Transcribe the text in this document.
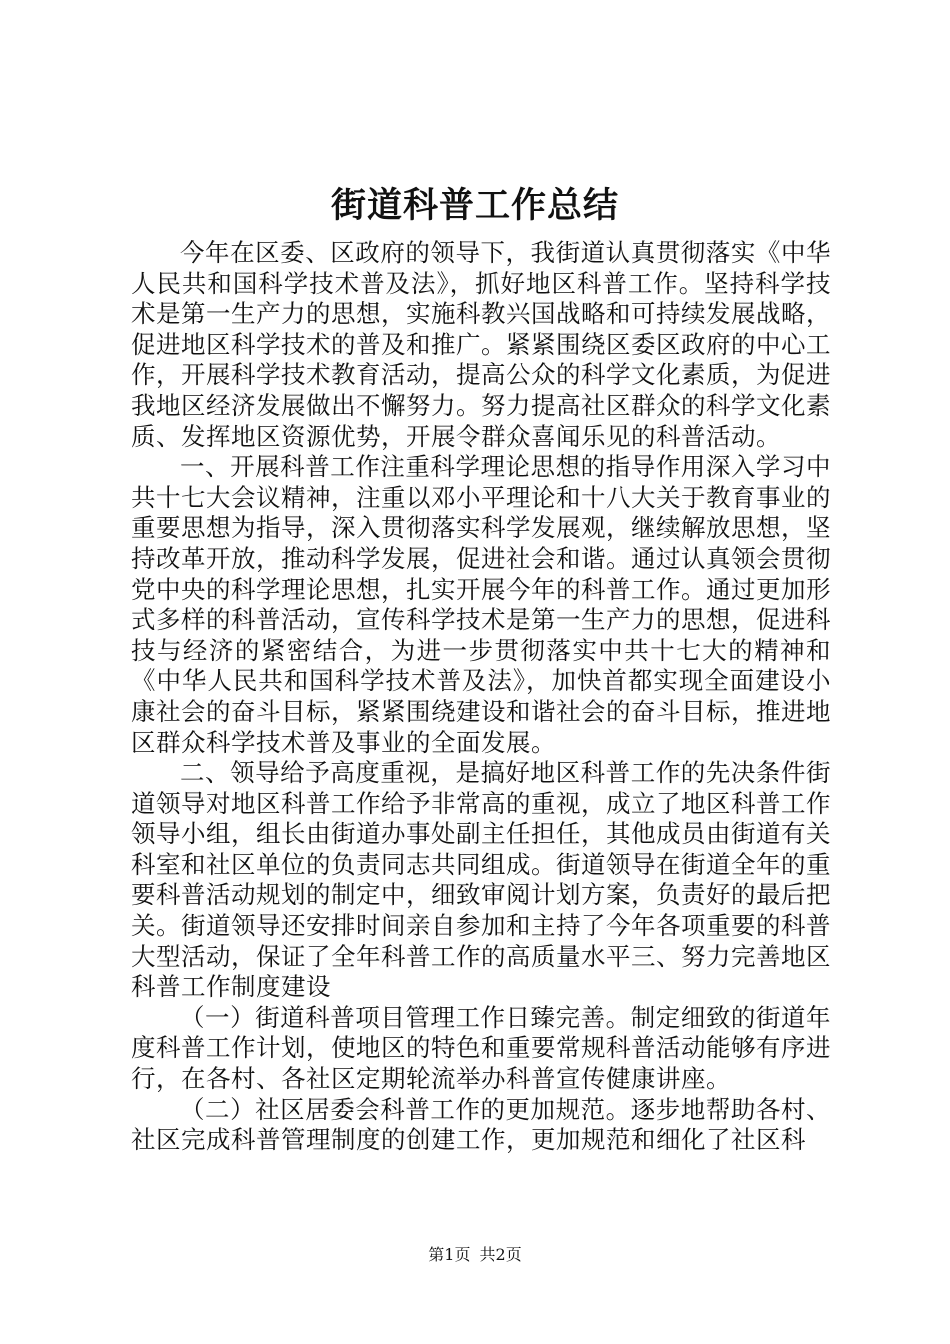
街道科普工作总结

今年在区委、区政府的领导下，我街道认真贯彻落实《中华人民共和国科学技术普及法》，抓好地区科普工作。坚持科学技术是第一生产力的思想，实施科教兴国战略和可持续发展战略，促进地区科学技术的普及和推广。紧紧围绕区委区政府的中心工作，开展科学技术教育活动，提高公众的科学文化素质，为促进我地区经济发展做出不懈努力。努力提高社区群众的科学文化素质、发挥地区资源优势，开展令群众喜闻乐见的科普活动。

一、开展科普工作注重科学理论思想的指导作用深入学习中共十七大会议精神，注重以邓小平理论和十八大关于教育事业的重要思想为指导，深入贯彻落实科学发展观，继续解放思想，坚持改革开放，推动科学发展，促进社会和谐。通过认真领会贯彻党中央的科学理论思想，扎实开展今年的科普工作。通过更加形式多样的科普活动，宣传科学技术是第一生产力的思想，促进科技与经济的紧密结合，为进一步贯彻落实中共十七大的精神和《中华人民共和国科学技术普及法》，加快首都实现全面建设小康社会的奋斗目标，紧紧围绕建设和谐社会的奋斗目标，推进地区群众科学技术普及事业的全面发展。

二、领导给予高度重视，是搞好地区科普工作的先决条件街道领导对地区科普工作给予非常高的重视，成立了地区科普工作领导小组，组长由街道办事处副主任担任，其他成员由街道有关科室和社区单位的负责同志共同组成。街道领导在街道全年的重要科普活动规划的制定中，细致审阅计划方案，负责好的最后把关。街道领导还安排时间亲自参加和主持了今年各项重要的科普大型活动，保证了全年科普工作的高质量水平三、努力完善地区科普工作制度建设

（一）街道科普项目管理工作日臻完善。制定细致的街道年度科普工作计划，使地区的特色和重要常规科普活动能够有序进行，在各村、各社区定期轮流举办科普宣传健康讲座。

（二）社区居委会科普工作的更加规范。逐步地帮助各村、社区完成科普管理制度的创建工作，更加规范和细化了社区科

第1页 共2页
